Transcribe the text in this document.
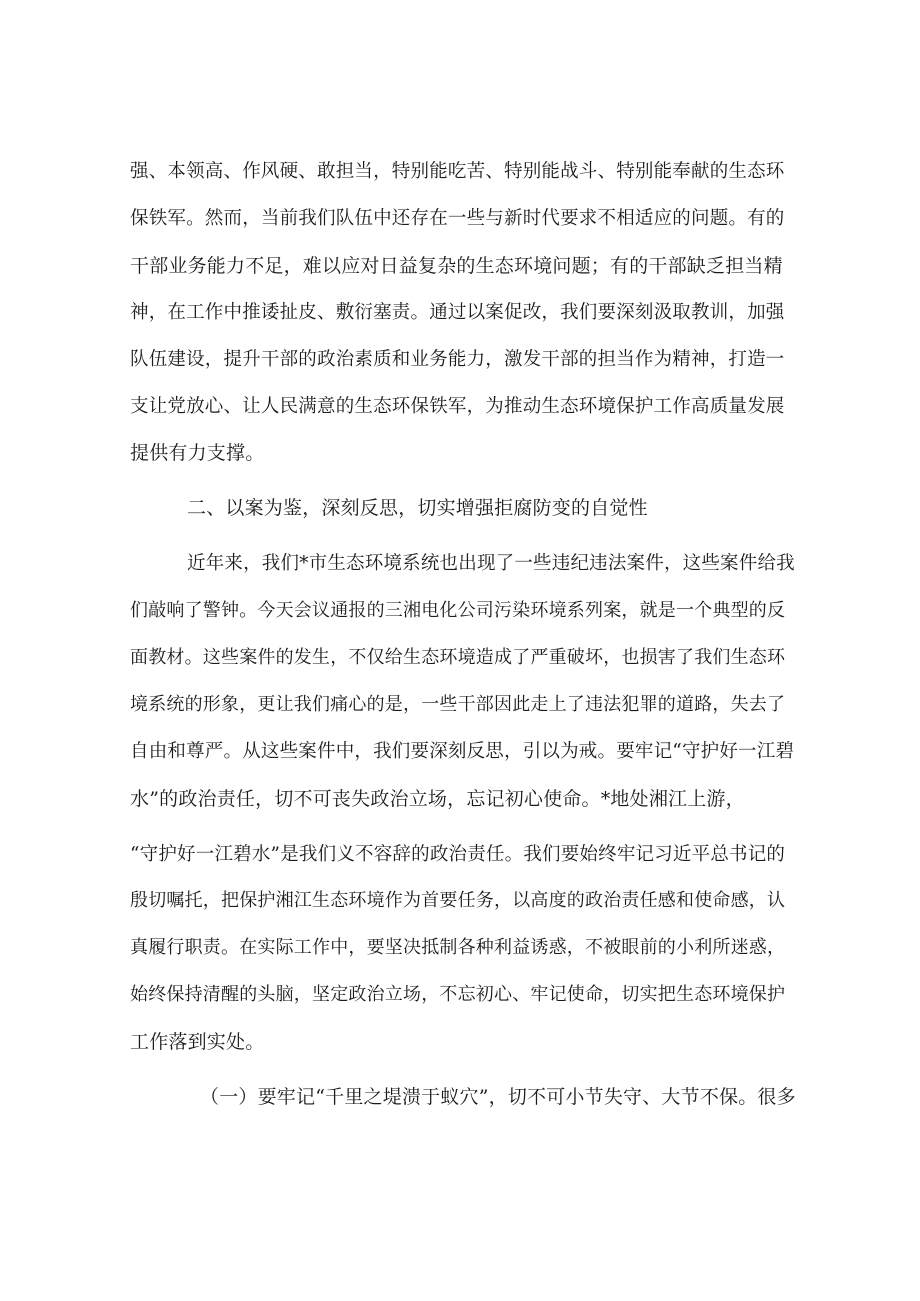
强、本领高、作风硬、敢担当，特别能吃苦、特别能战斗、特别能奉献的生态环
保铁军。然而，当前我们队伍中还存在一些与新时代要求不相适应的问题。有的
干部业务能力不足，难以应对日益复杂的生态环境问题；有的干部缺乏担当精
神，在工作中推诿扯皮、敷衍塞责。通过以案促改，我们要深刻汲取教训，加强
队伍建设，提升干部的政治素质和业务能力，激发干部的担当作为精神，打造一
支让党放心、让人民满意的生态环保铁军，为推动生态环境保护工作高质量发展
提供有力支撑。
二、以案为鉴，深刻反思，切实增强拒腐防变的自觉性
近年来，我们*市生态环境系统也出现了一些违纪违法案件，这些案件给我
们敲响了警钟。今天会议通报的三湘电化公司污染环境系列案，就是一个典型的反
面教材。这些案件的发生，不仅给生态环境造成了严重破坏，也损害了我们生态环
境系统的形象，更让我们痛心的是，一些干部因此走上了违法犯罪的道路，失去了
自由和尊严。从这些案件中，我们要深刻反思，引以为戒。要牢记“守护好一江碧
水”的政治责任，切不可丧失政治立场，忘记初心使命。*地处湘江上游，
“守护好一江碧水”是我们义不容辞的政治责任。我们要始终牢记习近平总书记的
殷切嘱托，把保护湘江生态环境作为首要任务，以高度的政治责任感和使命感，认
真履行职责。在实际工作中，要坚决抵制各种利益诱惑，不被眼前的小利所迷惑，
始终保持清醒的头脑，坚定政治立场，不忘初心、牢记使命，切实把生态环境保护
工作落到实处。
（一）要牢记“千里之堤溃于蚁穴”，切不可小节失守、大节不保。很多
